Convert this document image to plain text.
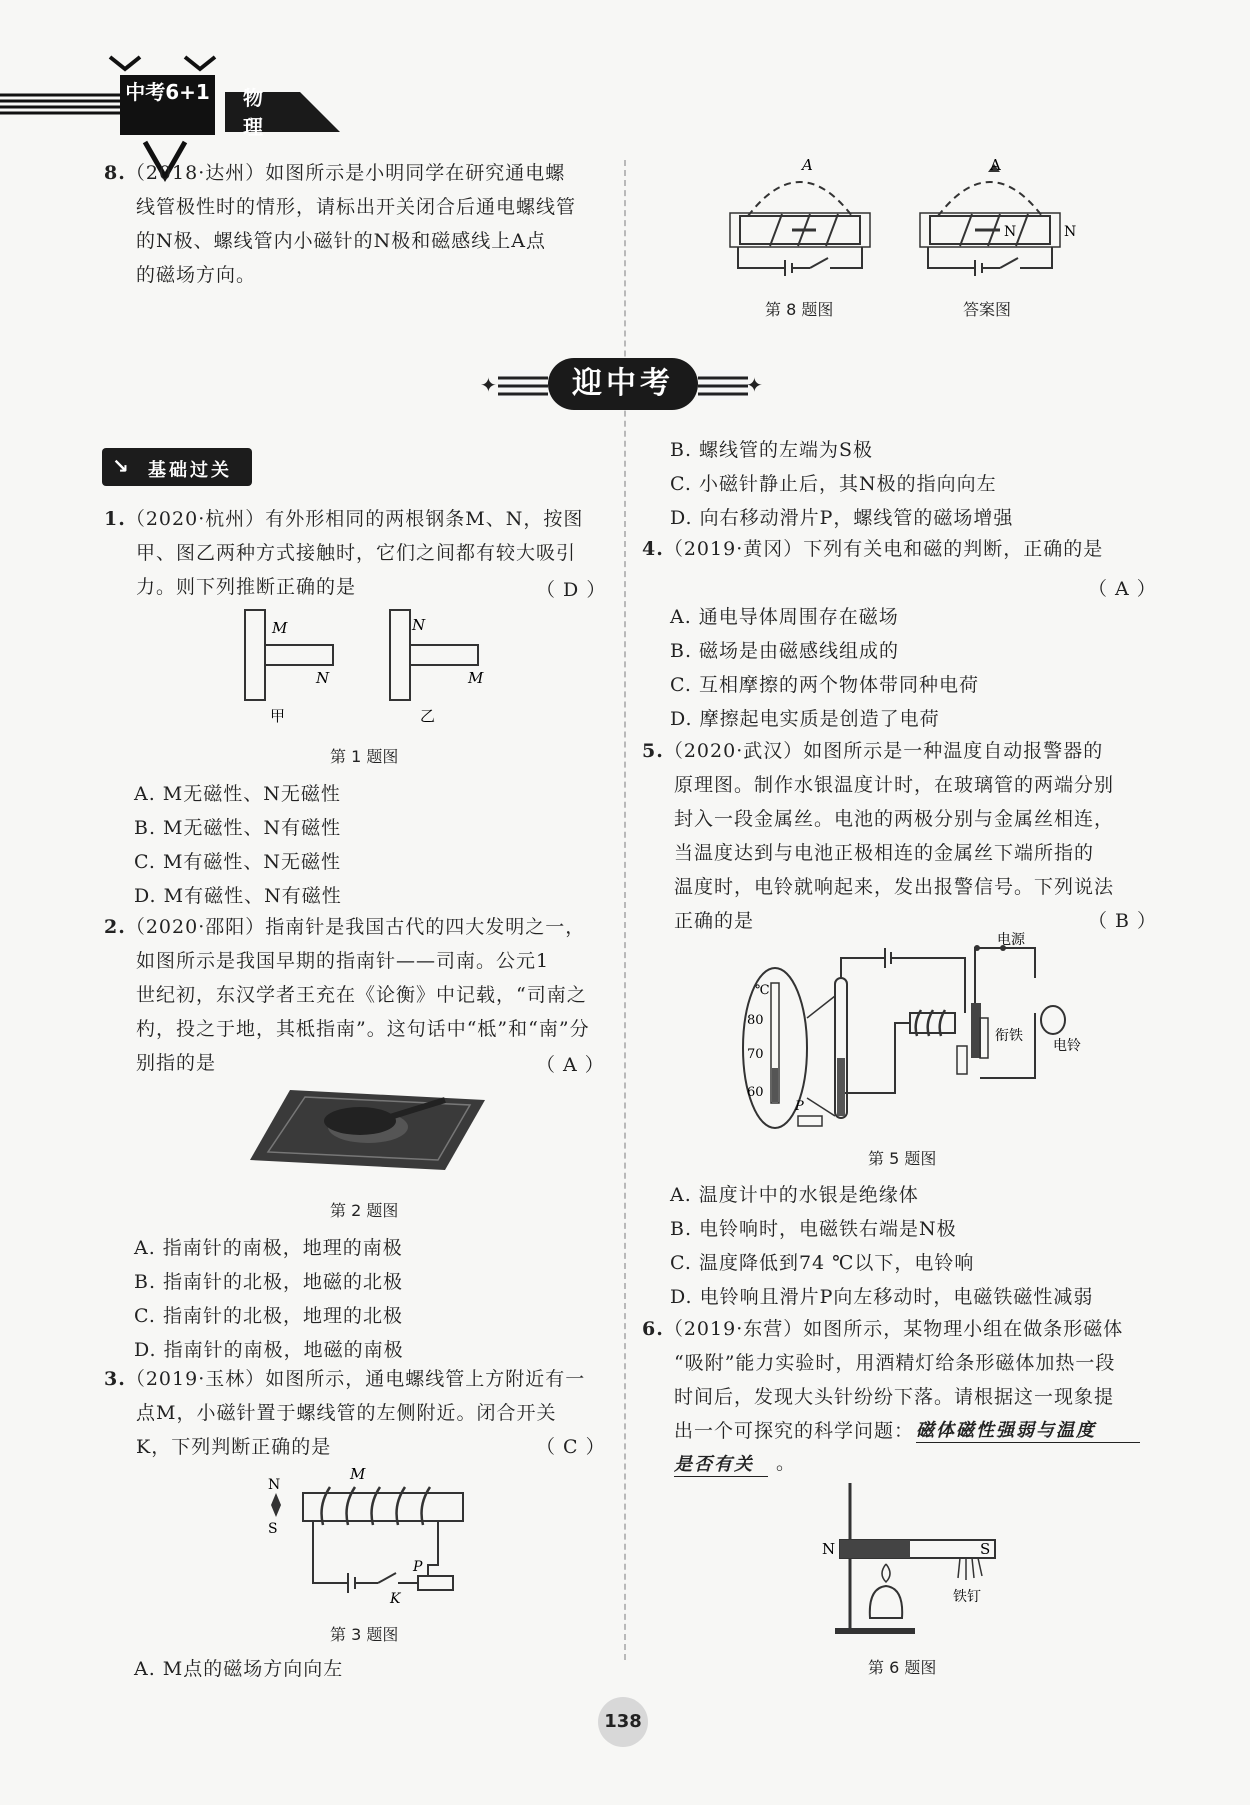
中考6+1 物理
8.（2018·达州）如图所示是小明同学在研究通电螺
线管极性时的情形，请标出开关闭合后通电螺线管
的N极、螺线管内小磁针的N极和磁感线上A点
的磁场方向。
A	A
N	N
第 8 题图	答案图
✦	✦
迎中考
↘ 基础过关
1.（2020·杭州）有外形相同的两根钢条M、N，按图
甲、图乙两种方式接触时，它们之间都有较大吸引
力。则下列推断正确的是	（ D ）
M
N
N
M
甲	乙
第 1 题图
A. M无磁性、N无磁性
B. M无磁性、N有磁性
C. M有磁性、N无磁性
D. M有磁性、N有磁性
2.（2020·邵阳）指南针是我国古代的四大发明之一，
如图所示是我国早期的指南针——司南。公元1
世纪初，东汉学者王充在《论衡》中记载，“司南之
杓，投之于地，其柢指南”。这句话中“柢”和“南”分
别指的是	（ A ）
第 2 题图
A. 指南针的南极，地理的南极
B. 指南针的北极，地磁的北极
C. 指南针的北极，地理的北极
D. 指南针的南极，地磁的南极
3.（2019·玉林）如图所示，通电螺线管上方附近有一
点M，小磁针置于螺线管的左侧附近。闭合开关
K，下列判断正确的是	（ C ）
N
S
M
K
P
第 3 题图
A. M点的磁场方向向左
B. 螺线管的左端为S极
C. 小磁针静止后，其N极的指向向左
D. 向右移动滑片P，螺线管的磁场增强
4.（2019·黄冈）下列有关电和磁的判断，正确的是
（ A ）
A. 通电导体周围存在磁场
B. 磁场是由磁感线组成的
C. 互相摩擦的两个物体带同种电荷
D. 摩擦起电实质是创造了电荷
5.（2020·武汉）如图所示是一种温度自动报警器的
原理图。制作水银温度计时，在玻璃管的两端分别
封入一段金属丝。电池的两极分别与金属丝相连，
当温度达到与电池正极相连的金属丝下端所指的
温度时，电铃就响起来，发出报警信号。下列说法
正确的是	（ B ）
℃
80
70
60
电源
衔铁
电铃
P
第 5 题图
A. 温度计中的水银是绝缘体
B. 电铃响时，电磁铁右端是N极
C. 温度降低到74 ℃以下，电铃响
D. 电铃响且滑片P向左移动时，电磁铁磁性减弱
6.（2019·东营）如图所示，某物理小组在做条形磁体
“吸附”能力实验时，用酒精灯给条形磁体加热一段
时间后，发现大头针纷纷下落。请根据这一现象提
出一个可探究的科学问题： 磁体磁性强弱与温度
是否有关	。
N	S
铁钉
第 6 题图
138
